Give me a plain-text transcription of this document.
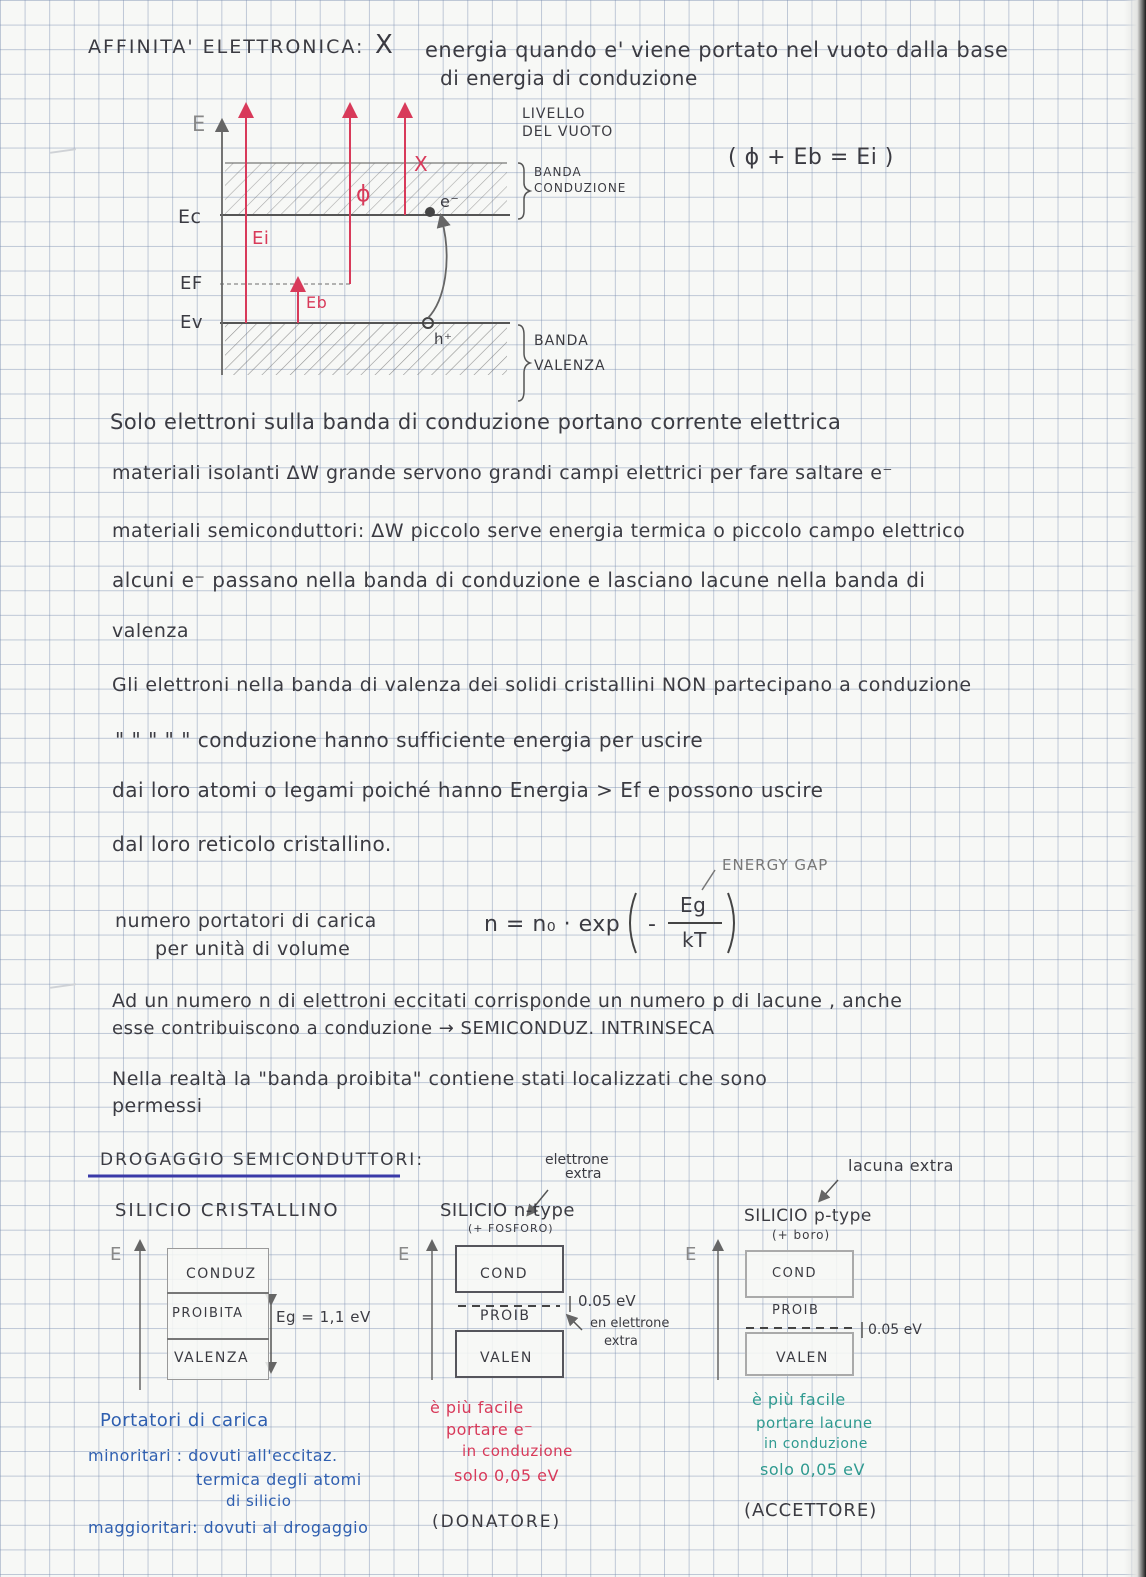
AFFINITA' ELETTRONICA: X energia quando e' viene portato nel vuoto dalla base
di energia di conduzione
E	LIVELLO
DEL VUOTO
BANDA
CONDUZIONE
BANDA
VALENZA
Ec
EF
Ev
Ei
Eb
ϕ
X
e⁻
h⁺
( ϕ + Eb = Ei )
Solo elettroni sulla banda di conduzione portano corrente elettrica
materiali isolanti ΔW grande servono grandi campi elettrici per fare saltare e⁻
materiali semiconduttori: ΔW piccolo serve energia termica o piccolo campo elettrico
alcuni e⁻ passano nella banda di conduzione e lasciano lacune nella banda di
valenza
Gli elettroni nella banda di valenza dei solidi cristallini NON partecipano a conduzione
" " " " " conduzione hanno sufficiente energia per uscire
dai loro atomi o legami poiché hanno Energia > Ef e possono uscire
dal loro reticolo cristallino.
ENERGY GAP
numero portatori di carica
per unità di volume
n = n₀ · exp -
Eg
kT
Ad un numero n di elettroni eccitati corrisponde un numero p di lacune , anche
esse contribuiscono a conduzione → SEMICONDUZ. INTRINSECA
Nella realtà la "banda proibita" contiene stati localizzati che sono
permessi
DROGAGGIO SEMICONDUTTORI:	elettrone
extra	lacuna extra
SILICIO CRISTALLINO	SILICIO n-type
(+ FOSFORO)
SILICIO p-type
(+ boro)
E	E	E
CONDUZ
PROIBITA
VALENZA
Eg = 1,1 eV
COND
PROIB
VALEN
0.05 eV
en elettrone
extra
COND
PROIB
VALEN
0.05 eV
Portatori di carica
minoritari : dovuti all'eccitaz.
termica degli atomi
di silicio
maggioritari: dovuti al drogaggio
è più facile
portare e⁻
in conduzione
solo 0,05 eV
(DONATORE)
è più facile
portare lacune
in conduzione
solo 0,05 eV
(ACCETTORE)
